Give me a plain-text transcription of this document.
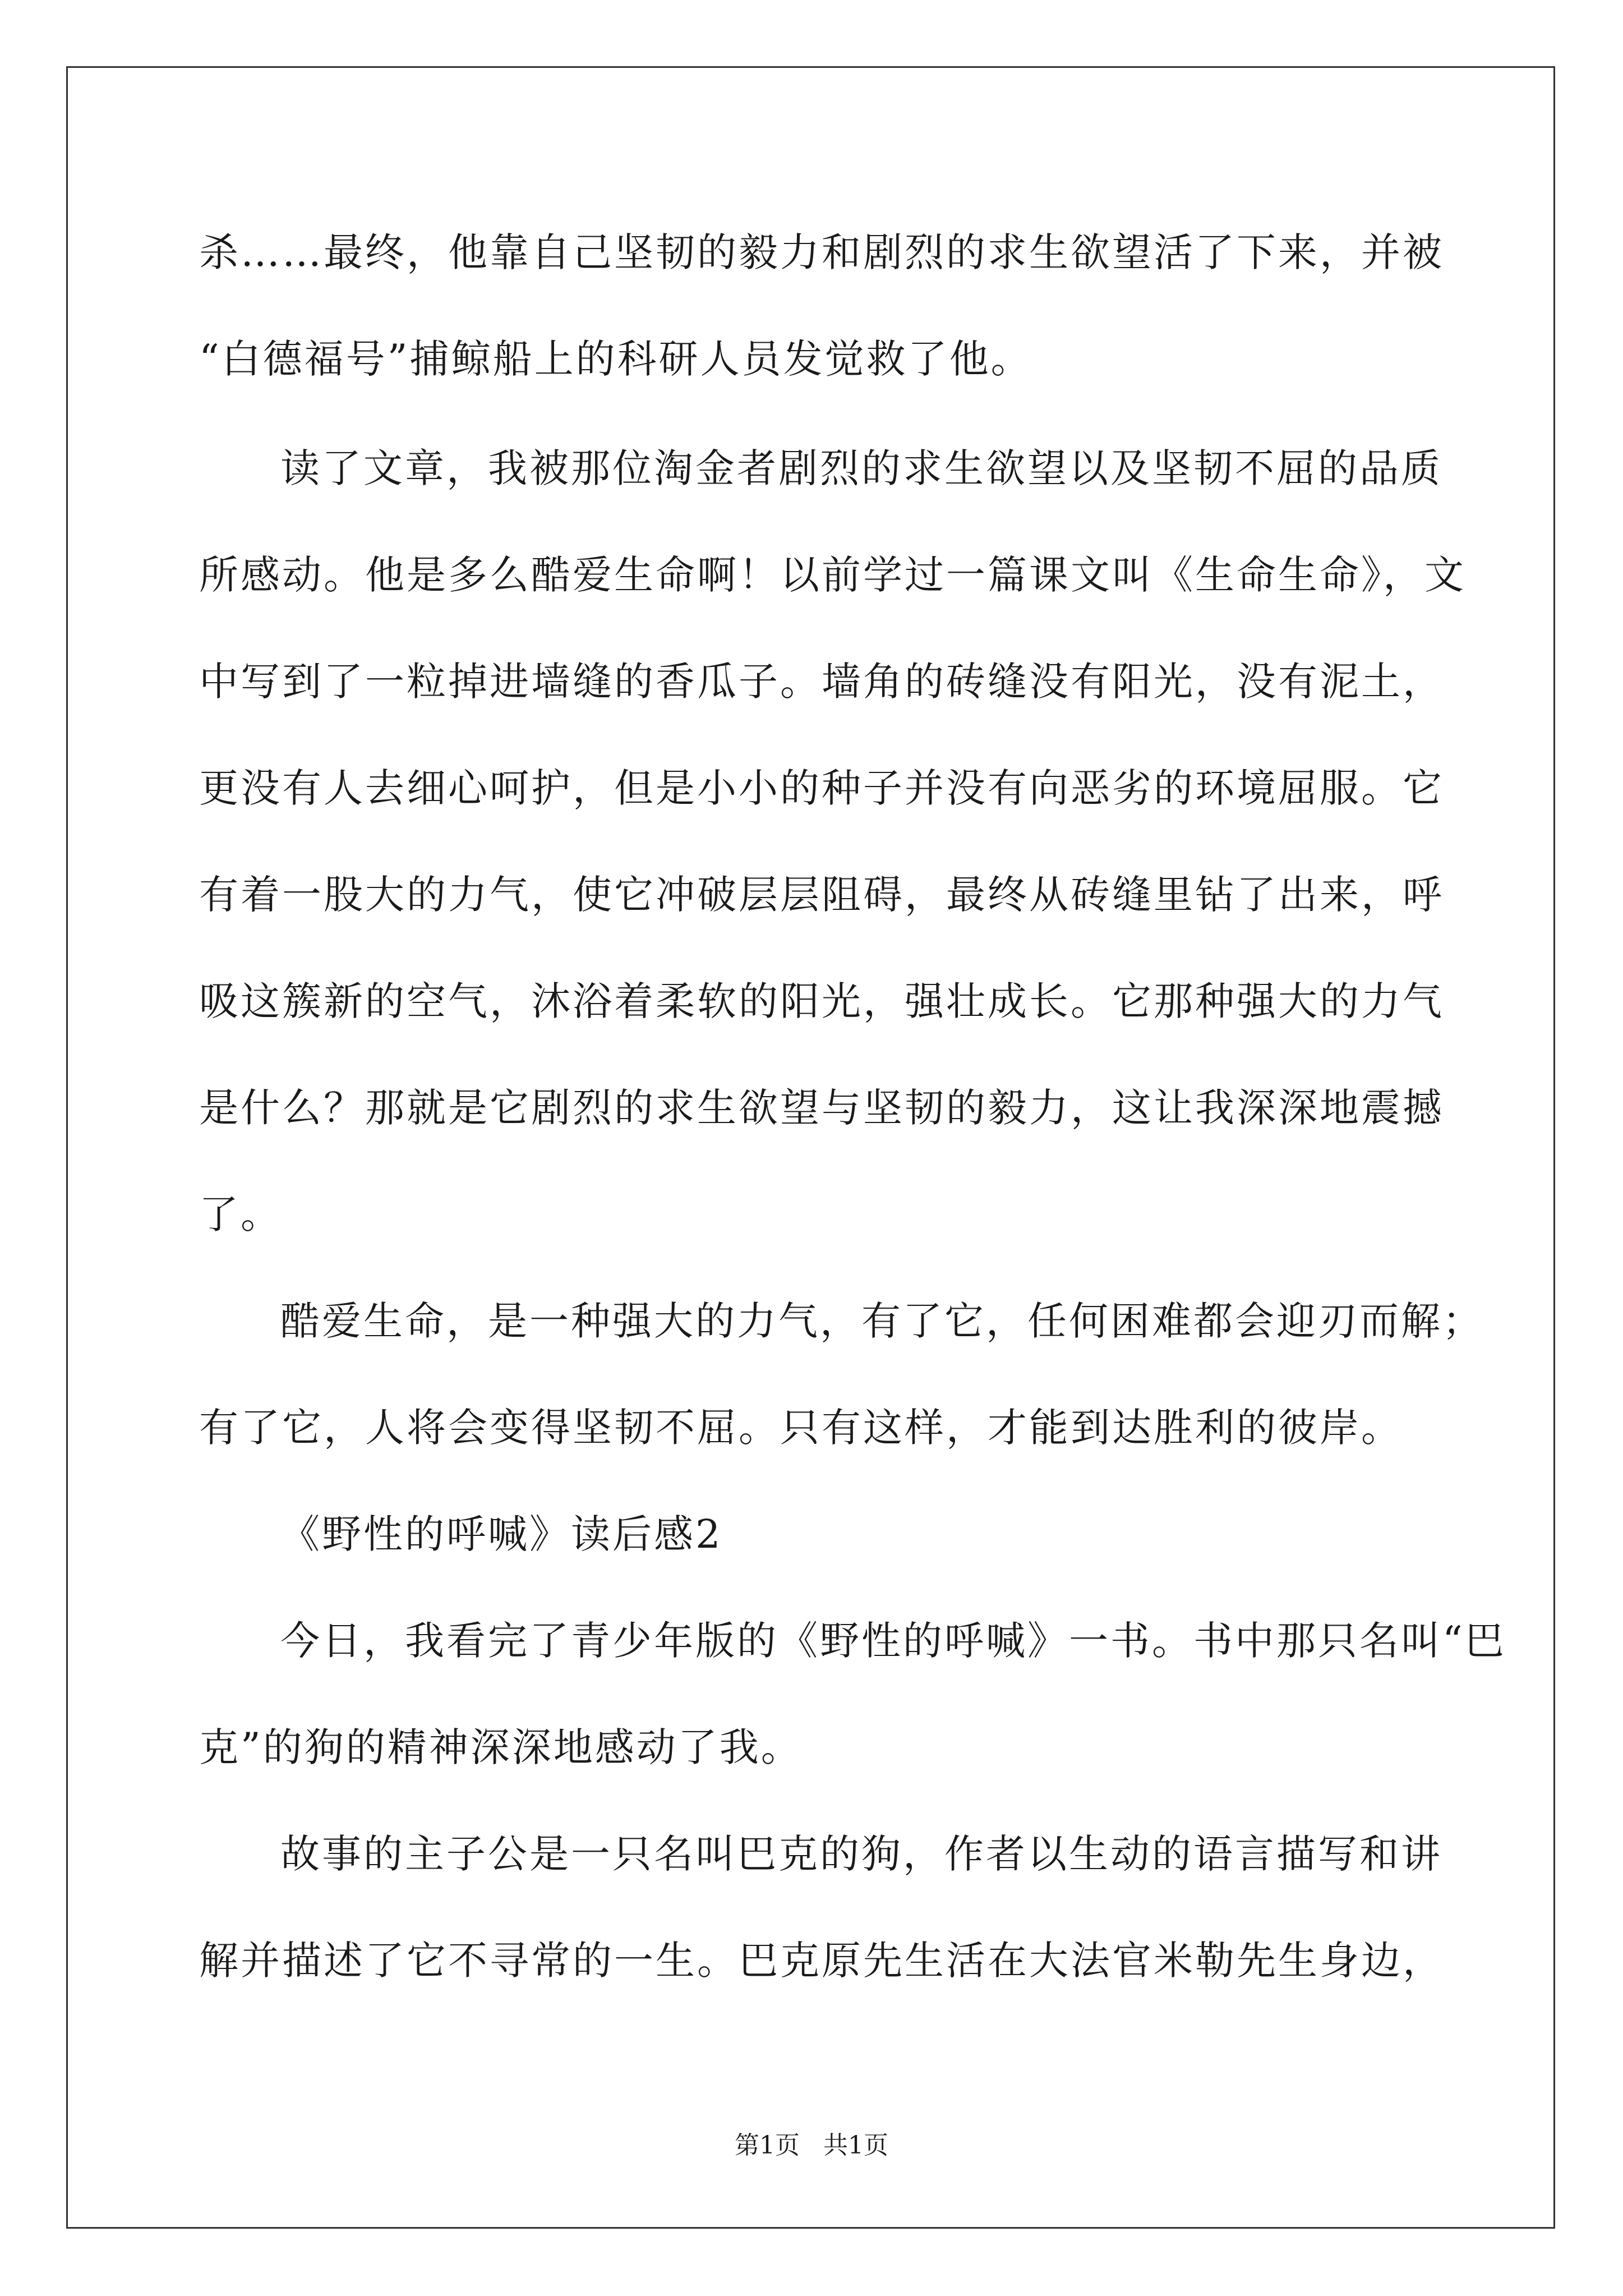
杀……最终，他靠自己坚韧的毅力和剧烈的求生欲望活了下来，并被
“白德福号”捕鲸船上的科研人员发觉救了他。
读了文章，我被那位淘金者剧烈的求生欲望以及坚韧不屈的品质
所感动。他是多么酷爱生命啊！以前学过一篇课文叫《生命生命》，文
中写到了一粒掉进墙缝的香瓜子。墙角的砖缝没有阳光，没有泥土，
更没有人去细心呵护，但是小小的种子并没有向恶劣的环境屈服。它
有着一股大的力气，使它冲破层层阻碍，最终从砖缝里钻了出来，呼
吸这簇新的空气，沐浴着柔软的阳光，强壮成长。它那种强大的力气
是什么？那就是它剧烈的求生欲望与坚韧的毅力，这让我深深地震撼
了。
酷爱生命，是一种强大的力气，有了它，任何困难都会迎刃而解；
有了它，人将会变得坚韧不屈。只有这样，才能到达胜利的彼岸。
《野性的呼喊》读后感2
今日，我看完了青少年版的《野性的呼喊》一书。书中那只名叫“巴
克”的狗的精神深深地感动了我。
故事的主子公是一只名叫巴克的狗，作者以生动的语言描写和讲
解并描述了它不寻常的一生。巴克原先生活在大法官米勒先生身边，
第1页   共1页
